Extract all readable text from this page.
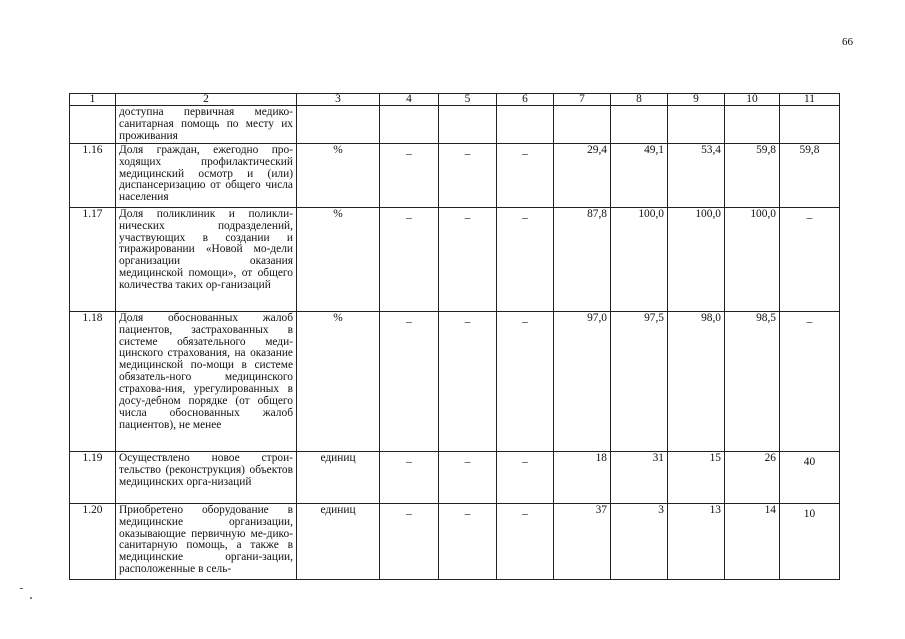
66
1	2	3	4	5	6	7	8	9	10	11
	доступна первичная медико-санитарная помощь по месту их проживания									
1.16	Доля граждан, ежегодно про-ходящих профилактический медицинский осмотр и (или) диспансеризацию от общего числа населения	%	–	–	–	29,4	49,1	53,4	59,8	59,8
1.17	Доля поликлиник и поликли-нических подразделений, участвующих в создании и тиражировании «Новой мо-дели организации оказания медицинской помощи», от общего количества таких ор-ганизаций	%	–	–	–	87,8	100,0	100,0	100,0	–
1.18	Доля обоснованных жалоб пациентов, застрахованных в системе обязательного меди-цинского страхования, на оказание медицинской по-мощи в системе обязатель-ного медицинского страхова-ния, урегулированных в досу-дебном порядке (от общего числа обоснованных жалоб пациентов), не менее	%	–	–	–	97,0	97,5	98,0	98,5	–
1.19	Осуществлено новое строи-тельство (реконструкция) объектов медицинских орга-низаций	единиц	–	–	–	18	31	15	26	40
1.20	Приобретено оборудование в медицинские организации, оказывающие первичную ме-дико-санитарную помощь, а также в медицинские органи-зации, расположенные в сель-	единиц	–	–	–	37	3	13	14	10
